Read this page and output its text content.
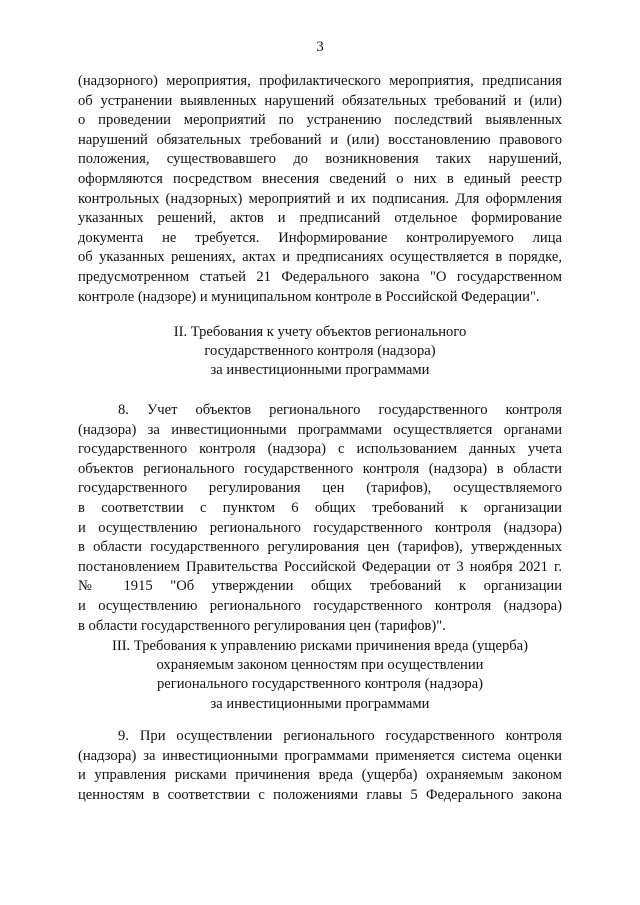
3
(надзорного) мероприятия, профилактического мероприятия, предписания
об устранении выявленных нарушений обязательных требований и (или)
о проведении мероприятий по устранению последствий выявленных
нарушений обязательных требований и (или) восстановлению правового
положения, существовавшего до возникновения таких нарушений,
оформляются посредством внесения сведений о них в единый реестр
контрольных (надзорных) мероприятий и их подписания. Для оформления
указанных решений, актов и предписаний отдельное формирование
документа не требуется. Информирование контролируемого лица
об указанных решениях, актах и предписаниях осуществляется в порядке,
предусмотренном статьей 21 Федерального закона "О государственном
контроле (надзоре) и муниципальном контроле в Российской Федерации".
II. Требования к учету объектов регионального
государственного контроля (надзора)
за инвестиционными программами
8. Учет объектов регионального государственного контроля
(надзора) за инвестиционными программами осуществляется органами
государственного контроля (надзора) с использованием данных учета
объектов регионального государственного контроля (надзора) в области
государственного регулирования цен (тарифов), осуществляемого
в соответствии с пунктом 6 общих требований к организации
и осуществлению регионального государственного контроля (надзора)
в области государственного регулирования цен (тарифов), утвержденных
постановлением Правительства Российской Федерации от 3 ноября 2021 г.
№ 1915 "Об утверждении общих требований к организации
и осуществлению регионального государственного контроля (надзора)
в области государственного регулирования цен (тарифов)".
III. Требования к управлению рисками причинения вреда (ущерба)
охраняемым законом ценностям при осуществлении
регионального государственного контроля (надзора)
за инвестиционными программами
9. При осуществлении регионального государственного контроля
(надзора) за инвестиционными программами применяется система оценки
и управления рисками причинения вреда (ущерба) охраняемым законом
ценностям в соответствии с положениями главы 5 Федерального закона
